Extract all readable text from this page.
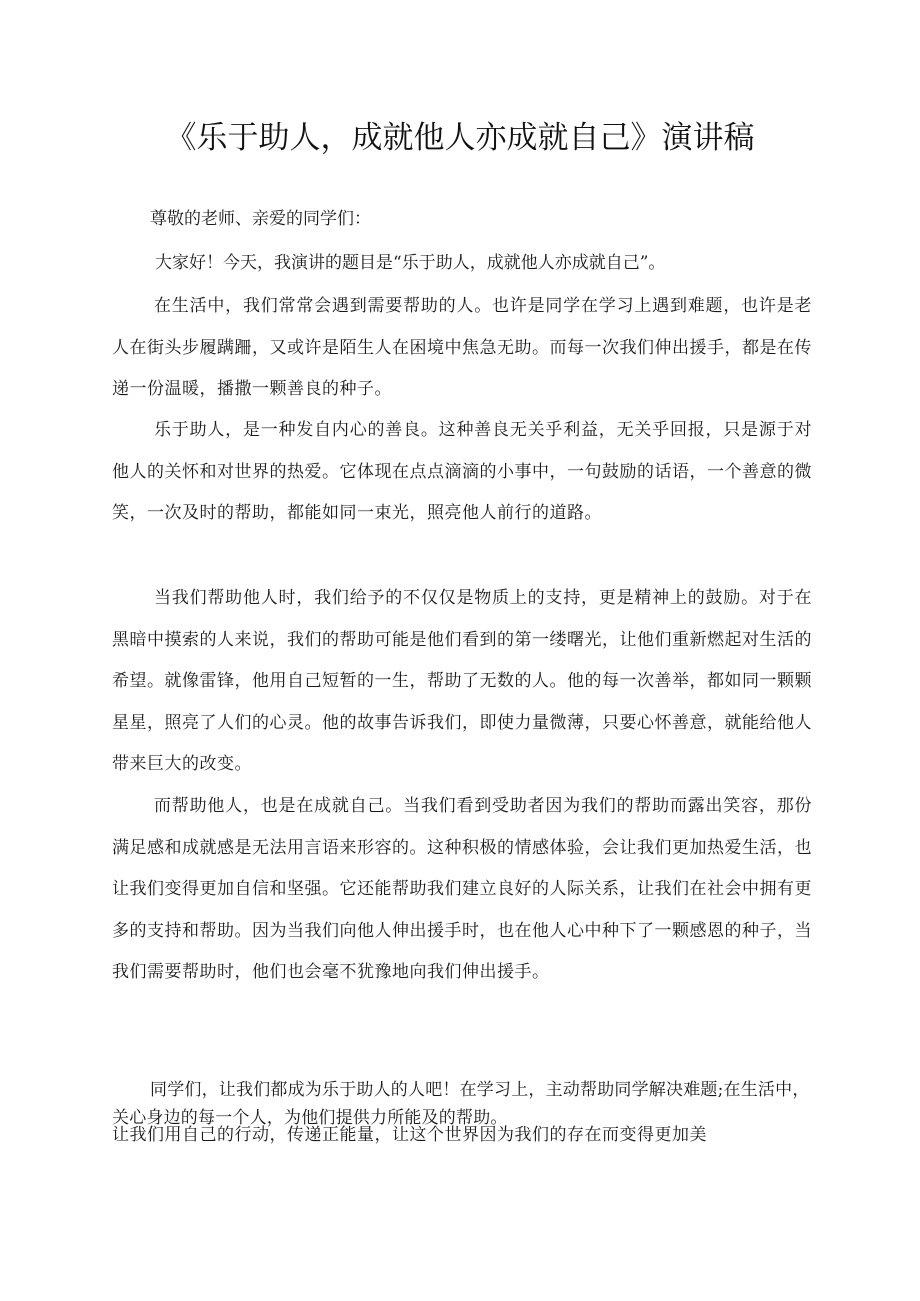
《乐于助人，成就他人亦成就自己》演讲稿

尊敬的老师、亲爱的同学们：

大家好！今天，我演讲的题目是“乐于助人，成就他人亦成就自己”。

在生活中，我们常常会遇到需要帮助的人。也许是同学在学习上遇到难题，也许是老人在街头步履蹒跚，又或许是陌生人在困境中焦急无助。而每一次我们伸出援手，都是在传递一份温暖，播撒一颗善良的种子。

乐于助人，是一种发自内心的善良。这种善良无关乎利益，无关乎回报，只是源于对他人的关怀和对世界的热爱。它体现在点点滴滴的小事中，一句鼓励的话语，一个善意的微笑，一次及时的帮助，都能如同一束光，照亮他人前行的道路。

当我们帮助他人时，我们给予的不仅仅是物质上的支持，更是精神上的鼓励。对于在黑暗中摸索的人来说，我们的帮助可能是他们看到的第一缕曙光，让他们重新燃起对生活的希望。就像雷锋，他用自己短暂的一生，帮助了无数的人。他的每一次善举，都如同一颗颗星星，照亮了人们的心灵。他的故事告诉我们，即使力量微薄，只要心怀善意，就能给他人带来巨大的改变。

而帮助他人，也是在成就自己。当我们看到受助者因为我们的帮助而露出笑容，那份满足感和成就感是无法用言语来形容的。这种积极的情感体验，会让我们更加热爱生活，也让我们变得更加自信和坚强。它还能帮助我们建立良好的人际关系，让我们在社会中拥有更多的支持和帮助。因为当我们向他人伸出援手时，也在他人心中种下了一颗感恩的种子，当我们需要帮助时，他们也会毫不犹豫地向我们伸出援手。

同学们，让我们都成为乐于助人的人吧！在学习上，主动帮助同学解决难题;在生活中，关心身边的每一个人，为他们提供力所能及的帮助。

让我们用自己的行动，传递正能量，让这个世界因为我们的存在而变得更加美
